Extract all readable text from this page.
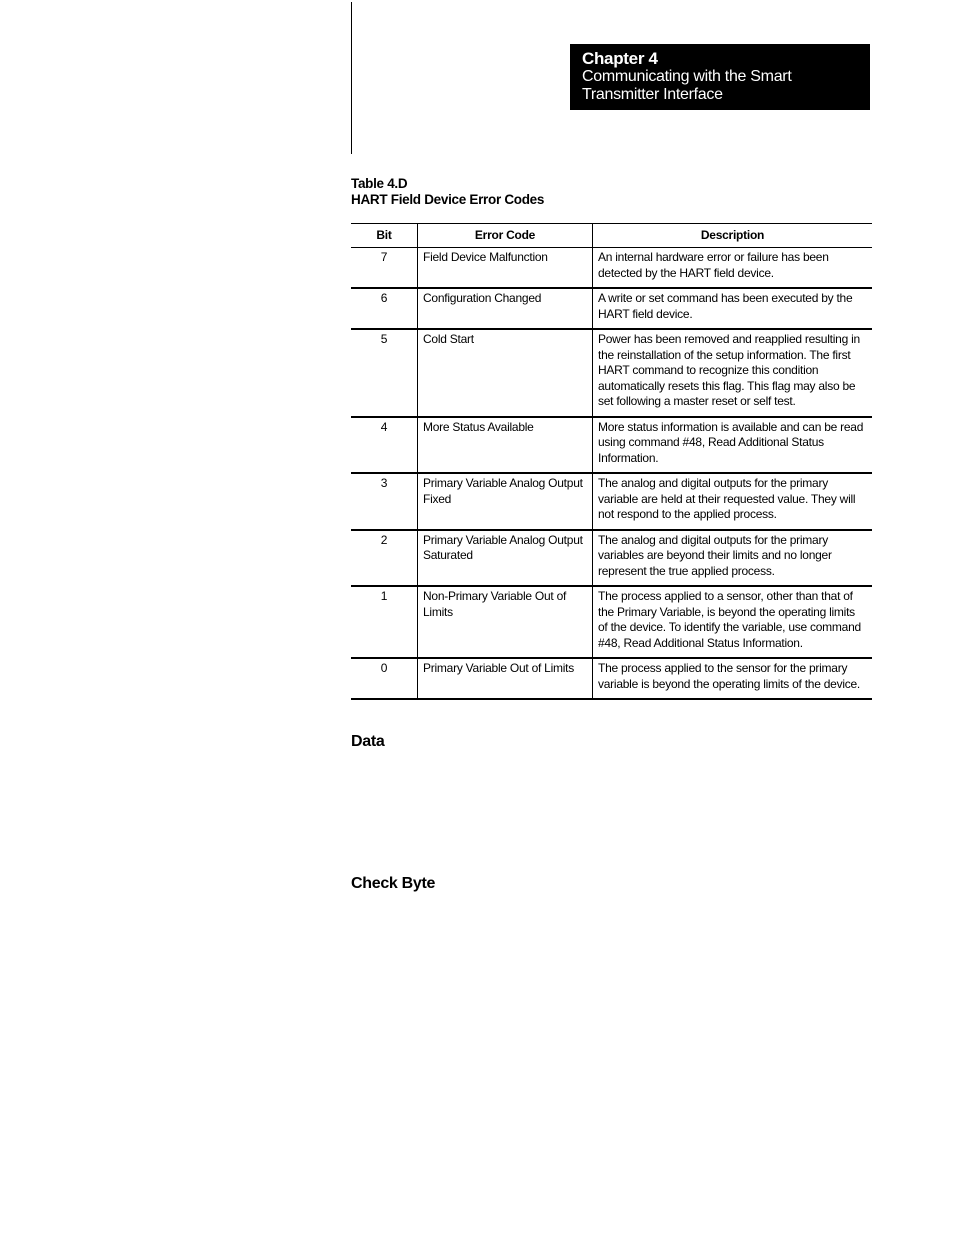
Chapter 4
Communicating with the Smart
Transmitter Interface
Table 4.D
HART Field Device Error Codes
Bit	Error Code	Description
7	Field Device Malfunction	An internal hardware error or failure has been detected by the HART field device.
6	Configuration Changed	A write or set command has been executed by the HART field device.
5	Cold Start	Power has been removed and reapplied resulting in the reinstallation of the setup information. The first HART command to recognize this condition automatically resets this flag. This flag may also be set following a master reset or self test.
4	More Status Available	More status information is available and can be read using command #48, Read Additional Status Information.
3	Primary Variable Analog Output Fixed	The analog and digital outputs for the primary variable are held at their requested value. They will not respond to the applied process.
2	Primary Variable Analog Output Saturated	The analog and digital outputs for the primary variables are beyond their limits and no longer represent the true applied process.
1	Non-Primary Variable Out of Limits	The process applied to a sensor, other than that of the Primary Variable, is beyond the operating limits of the device. To identify the variable, use command #48, Read Additional Status Information.
0	Primary Variable Out of Limits	The process applied to the sensor for the primary variable is beyond the operating limits of the device.
Data
Check Byte
